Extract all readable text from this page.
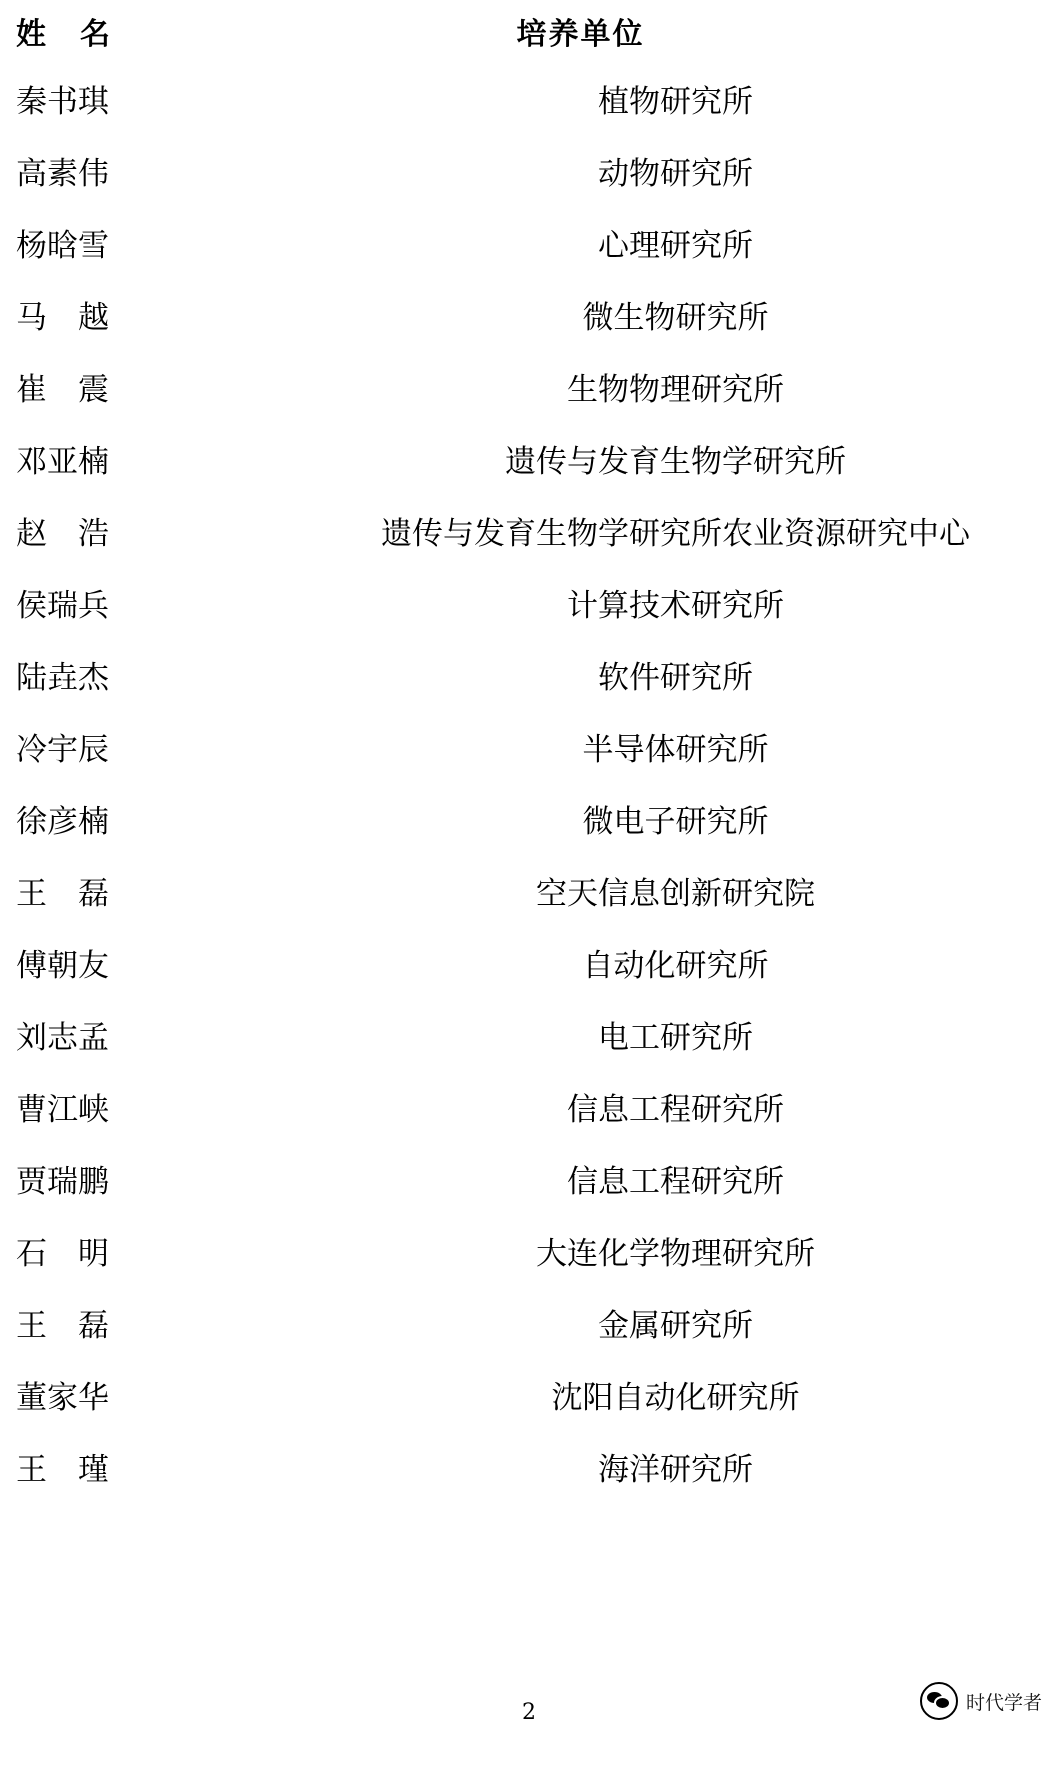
姓　名	培养单位
秦书琪	植物研究所
高素伟	动物研究所
杨晗雪	心理研究所
马　越	微生物研究所
崔　震	生物物理研究所
邓亚楠	遗传与发育生物学研究所
赵　浩	遗传与发育生物学研究所农业资源研究中心
侯瑞兵	计算技术研究所
陆垚杰	软件研究所
冷宇辰	半导体研究所
徐彦楠	微电子研究所
王　磊	空天信息创新研究院
傅朝友	自动化研究所
刘志孟	电工研究所
曹江峡	信息工程研究所
贾瑞鹏	信息工程研究所
石　明	大连化学物理研究所
王　磊	金属研究所
董家华	沈阳自动化研究所
王　瑾	海洋研究所
2	时代学者
